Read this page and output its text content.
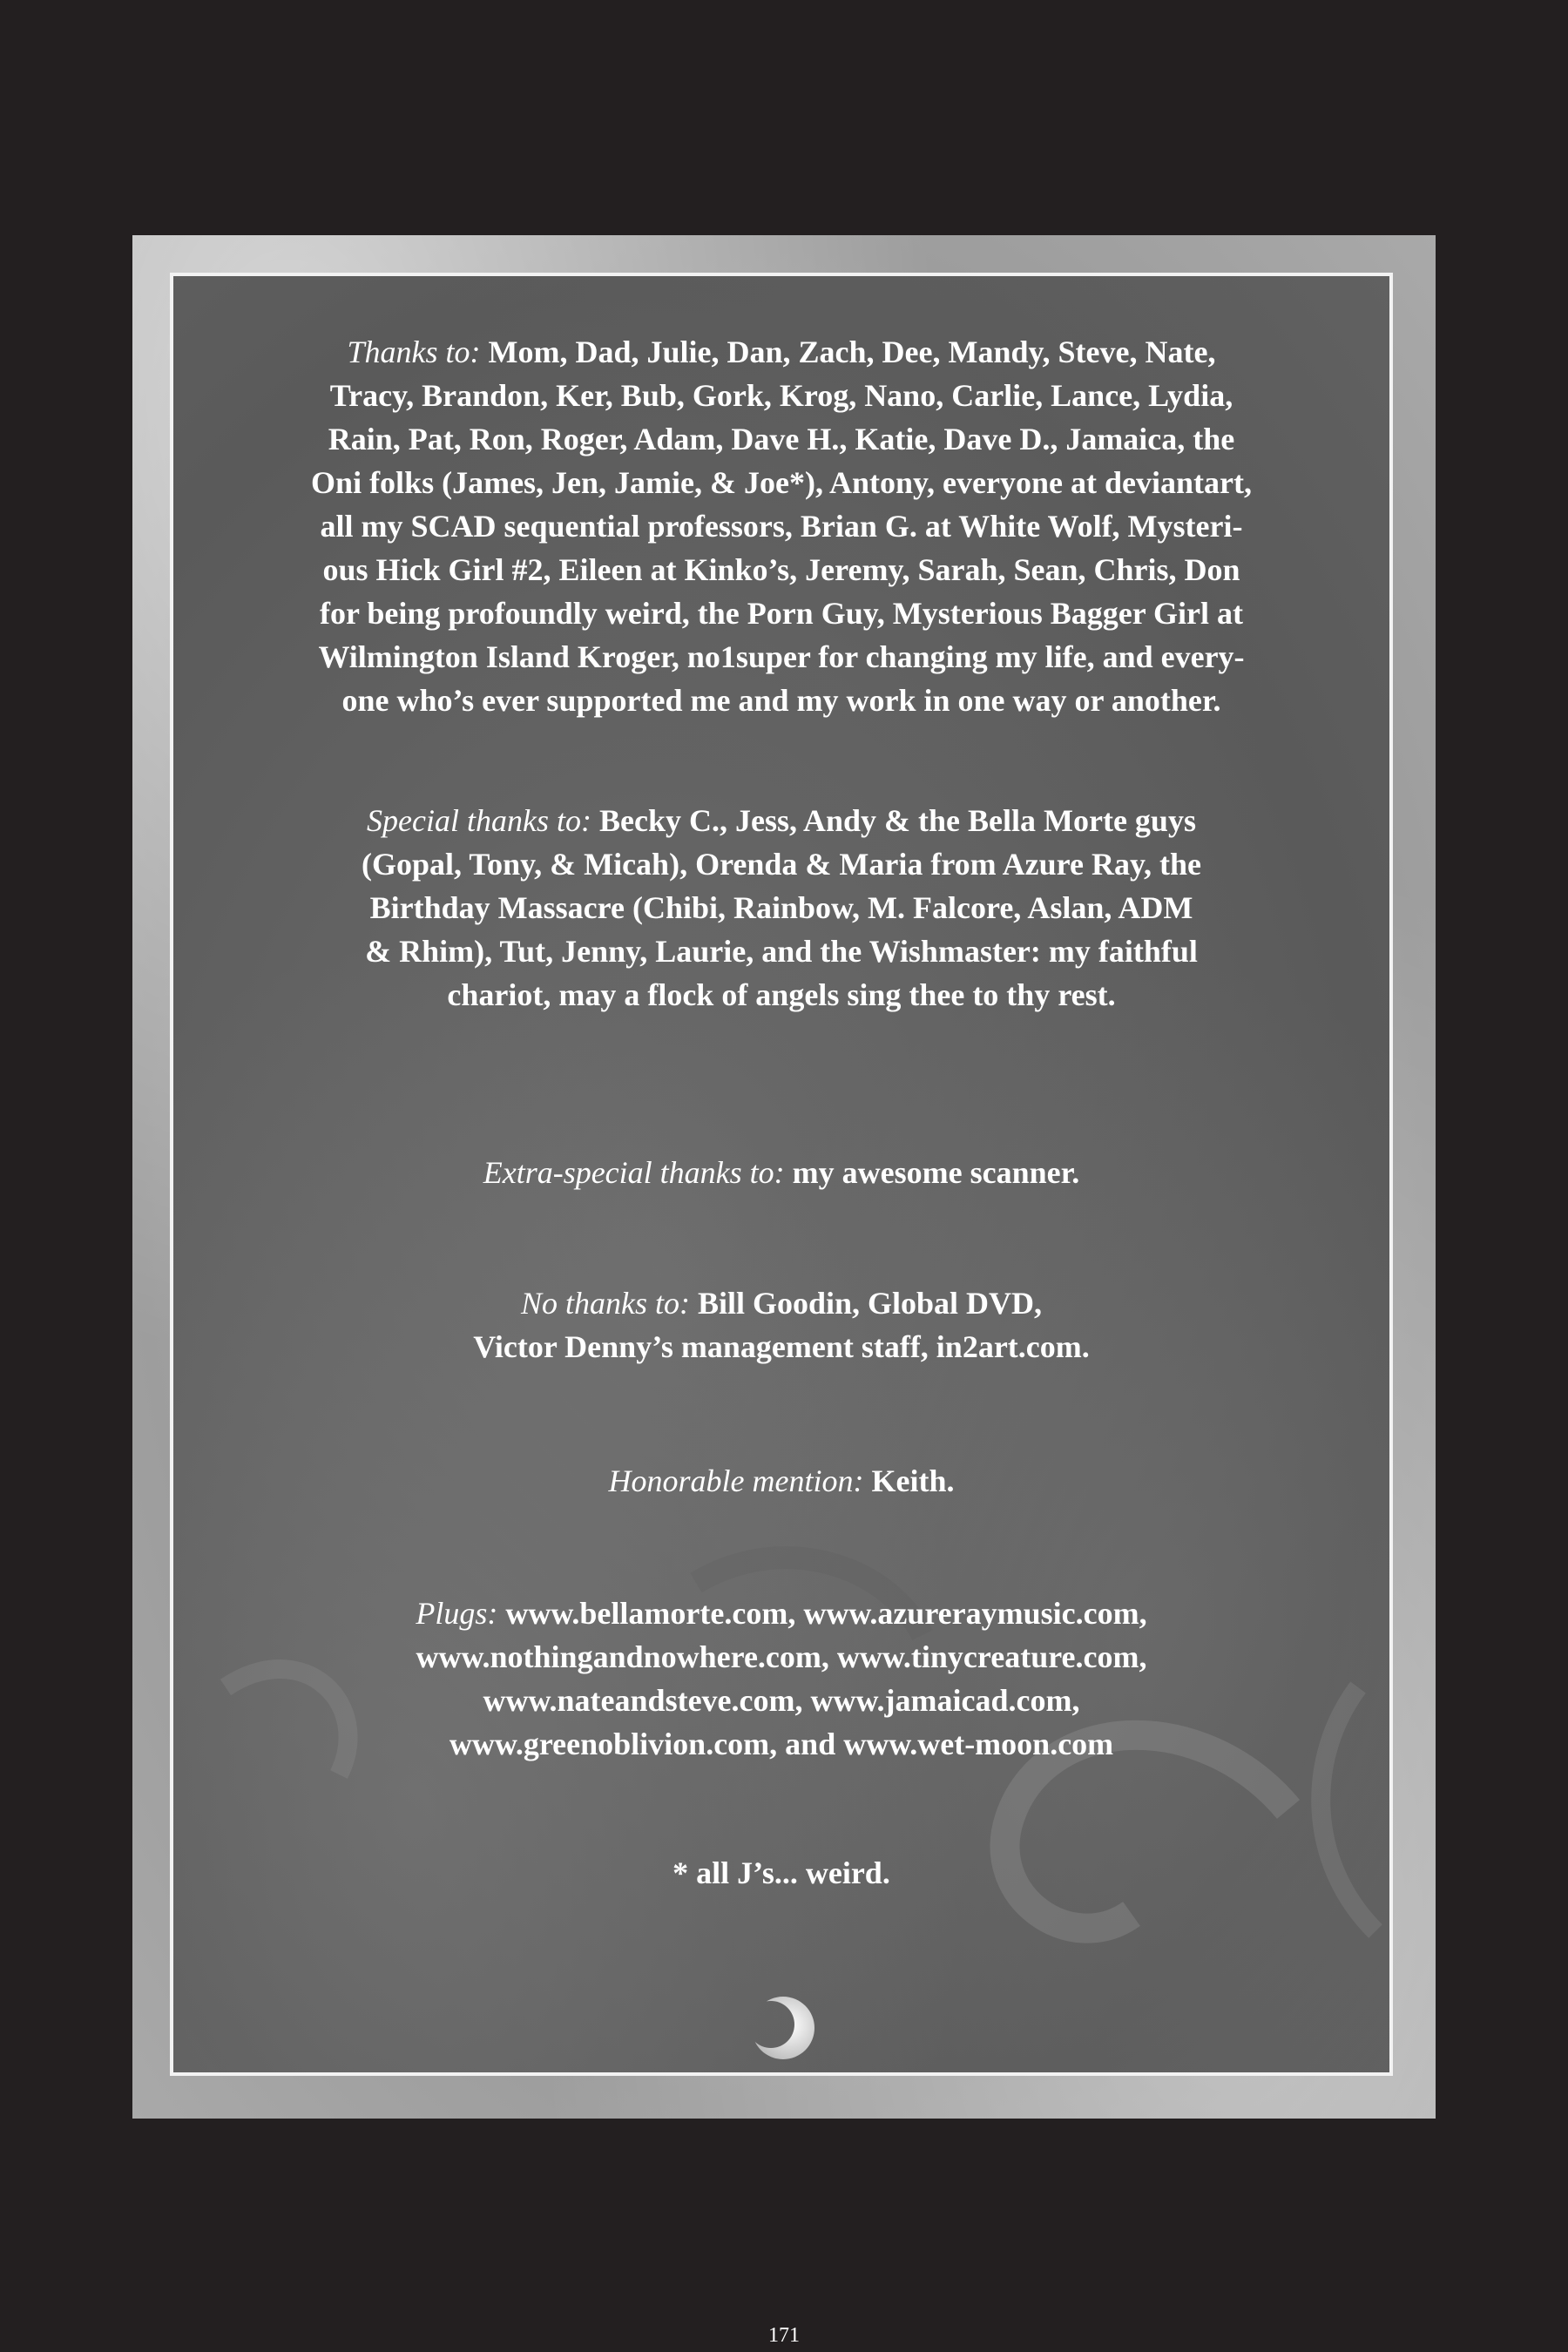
Thanks to: Mom, Dad, Julie, Dan, Zach, Dee, Mandy, Steve, Nate,
Tracy, Brandon, Ker, Bub, Gork, Krog, Nano, Carlie, Lance, Lydia,
Rain, Pat, Ron, Roger, Adam, Dave H., Katie, Dave D., Jamaica, the
Oni folks (James, Jen, Jamie, & Joe*), Antony, everyone at deviantart,
all my SCAD sequential professors, Brian G. at White Wolf, Mysteri-
ous Hick Girl #2, Eileen at Kinko’s, Jeremy, Sarah, Sean, Chris, Don
for being profoundly weird, the Porn Guy, Mysterious Bagger Girl at
Wilmington Island Kroger, no1super for changing my life, and every-
one who’s ever supported me and my work in one way or another.
Special thanks to: Becky C., Jess, Andy & the Bella Morte guys
(Gopal, Tony, & Micah), Orenda & Maria from Azure Ray, the
Birthday Massacre (Chibi, Rainbow, M. Falcore, Aslan, ADM
& Rhim), Tut, Jenny, Laurie, and the Wishmaster: my faithful
chariot, may a flock of angels sing thee to thy rest.
Extra-special thanks to: my awesome scanner.
No thanks to: Bill Goodin, Global DVD,
Victor Denny’s management staff, in2art.com.
Honorable mention: Keith.
Plugs: www.bellamorte.com, www.azureraymusic.com,
www.nothingandnowhere.com, www.tinycreature.com,
www.nateandsteve.com, www.jamaicad.com,
www.greenoblivion.com, and www.wet-moon.com
* all J’s... weird.
171
